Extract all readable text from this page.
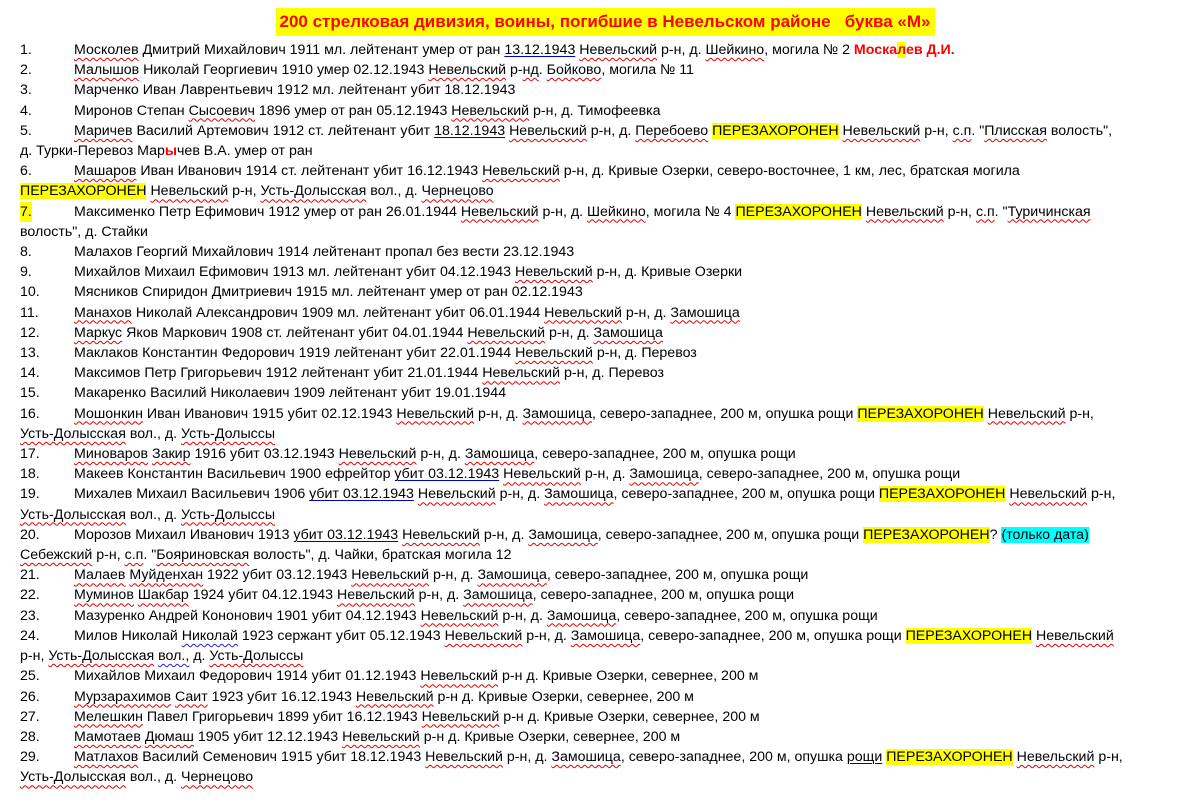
200 стрелковая дивизия, воины, погибшие в Невельском районе   буква «М»
1.	Москолев Дмитрий Михайлович 1911 мл. лейтенант умер от ран 13.12.1943 Невельский р-н, д. Шейкино, могила № 2 Москалев Д.И.
2.	Малышов Николай Георгиевич 1910 умер 02.12.1943 Невельский р-нд. Бойково, могила № 11
3.	Марченко Иван Лаврентьевич 1912 мл. лейтенант убит 18.12.1943
4.	Миронов Степан Сысоевич 1896 умер от ран 05.12.1943 Невельский р-н, д. Тимофеевка
5.	Маричев Василий Артемович 1912 ст. лейтенант убит 18.12.1943 Невельский р-н, д. Перебоево ПЕРЕЗАХОРОНЕН Невельский р-н, с.п. "Плисская волость",
д. Турки-Перевоз Марычев В.А. умер от ран
6.	Машаров Иван Иванович 1914 ст. лейтенант убит 16.12.1943 Невельский р-н, д. Кривые Озерки, северо-восточнее, 1 км, лес, братская могила
ПЕРЕЗАХОРОНЕН Невельский р-н, Усть-Долысская вол., д. Чернецово
7.	Максименко Петр Ефимович 1912 умер от ран 26.01.1944 Невельский р-н, д. Шейкино, могила № 4 ПЕРЕЗАХОРОНЕН Невельский р-н, с.п. "Туричинская
волость", д. Стайки
8.	Малахов Георгий Михайлович 1914 лейтенант пропал без вести 23.12.1943
9.	Михайлов Михаил Ефимович 1913 мл. лейтенант убит 04.12.1943 Невельский р-н, д. Кривые Озерки
10. Мясников Спиридон Дмитриевич 1915 мл. лейтенант умер от ран 02.12.1943
11. Манахов Николай Александрович 1909 мл. лейтенант убит 06.01.1944 Невельский р-н, д. Замошица
12. Маркус Яков Маркович 1908 ст. лейтенант убит 04.01.1944 Невельский р-н, д. Замошица
13. Маклаков Константин Федорович 1919 лейтенант убит 22.01.1944 Невельский р-н, д. Перевоз
14. Максимов Петр Григорьевич 1912 лейтенант убит 21.01.1944 Невельский р-н, д. Перевоз
15. Макаренко Василий Николаевич 1909 лейтенант убит 19.01.1944
16. Мошонкин Иван Иванович 1915 убит 02.12.1943 Невельский р-н, д. Замошица, северо-западнее, 200 м, опушка рощи ПЕРЕЗАХОРОНЕН Невельский р-н,
Усть-Долысская вол., д. Усть-Долыссы
17. Миноваров Закир 1916 убит 03.12.1943 Невельский р-н, д. Замошица, северо-западнее, 200 м, опушка рощи
18. Макеев Константин Васильевич 1900 ефрейтор убит 03.12.1943 Невельский р-н, д. Замошица, северо-западнее, 200 м, опушка рощи
19. Михалев Михаил Васильевич 1906 убит 03.12.1943 Невельский р-н, д. Замошица, северо-западнее, 200 м, опушка рощи ПЕРЕЗАХОРОНЕН Невельский р-н,
Усть-Долысская вол., д. Усть-Долыссы
20. Морозов Михаил Иванович 1913 убит 03.12.1943 Невельский р-н, д. Замошица, северо-западнее, 200 м, опушка рощи ПЕРЕЗАХОРОНЕН? (только дата)
Себежский р-н, с.п. "Бояриновская волость", д. Чайки, братская могила 12
21. Малаев Муйденхан 1922 убит 03.12.1943 Невельский р-н, д. Замошица, северо-западнее, 200 м, опушка рощи
22. Муминов Шакбар 1924 убит 04.12.1943 Невельский р-н, д. Замошица, северо-западнее, 200 м, опушка рощи
23. Мазуренко Андрей Кононович 1901 убит 04.12.1943 Невельский р-н, д. Замошица, северо-западнее, 200 м, опушка рощи
24. Милов Николай Николай 1923 сержант убит 05.12.1943 Невельский р-н, д. Замошица, северо-западнее, 200 м, опушка рощи ПЕРЕЗАХОРОНЕН Невельский
р-н, Усть-Долысская вол., д. Усть-Долыссы
25. Михайлов Михаил Федорович 1914 убит 01.12.1943 Невельский р-н д. Кривые Озерки, севернее, 200 м
26. Мурзарахимов Саит 1923 убит 16.12.1943 Невельский р-н д. Кривые Озерки, севернее, 200 м
27. Мелешкин Павел Григорьевич 1899 убит 16.12.1943 Невельский р-н д. Кривые Озерки, севернее, 200 м
28. Мамотаев Дюмаш 1905 убит 12.12.1943 Невельский р-н д. Кривые Озерки, севернее, 200 м
29. Матлахов Василий Семенович 1915 убит 18.12.1943 Невельский р-н, д. Замошица, северо-западнее, 200 м, опушка рощи ПЕРЕЗАХОРОНЕН Невельский р-н,
Усть-Долысская вол., д. Чернецово
